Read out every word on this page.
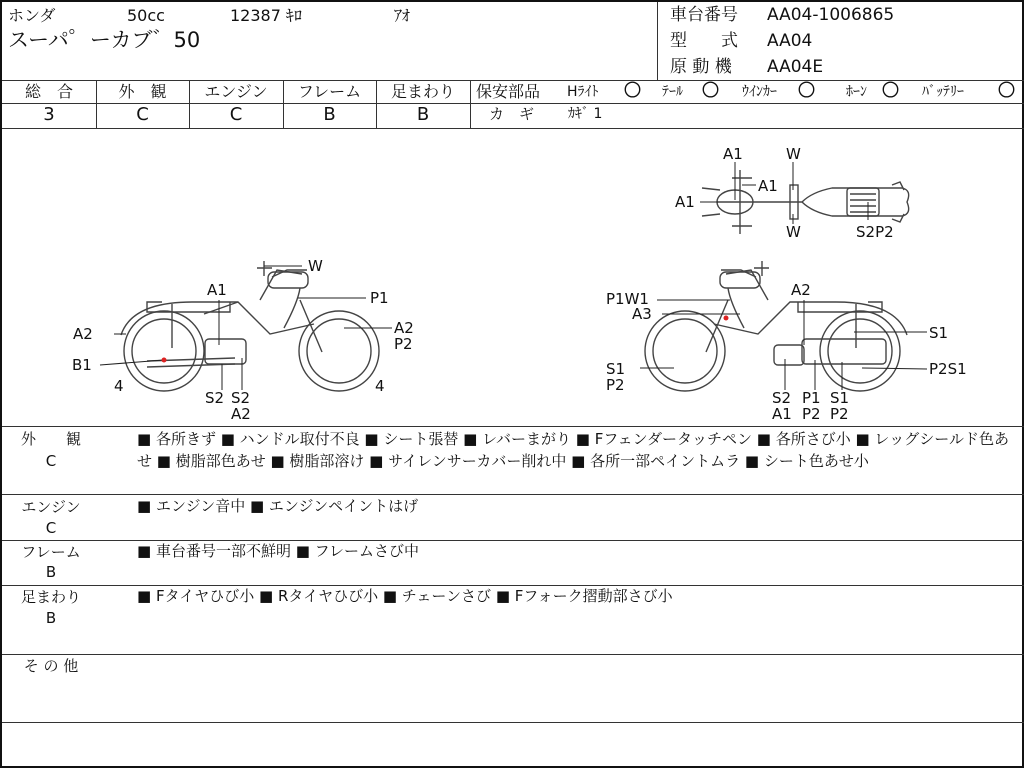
ホンダ	50cc	12387 ｷﾛ	ｱｵ
スーパ゜ーカブ゛50
車台番号 AA04-1006865
型　　式 AA04
原 動 機 AA04E
総　合	外　観	エンジン	フレーム	足まわり
3	C	C	B	B
保安部品 Hﾗｲﾄ 〇 ﾃｰﾙ 〇 ｳｲﾝｶｰ 〇 ﾎｰﾝ 〇 ﾊﾞｯﾃﾘｰ 〇
カ　ギ ｶｷﾞ 1
A1	W
A1
A1
W	S2P2
W
A1	P1
A2	A2
P2
B1
4
S2 S2
A2
4
P1W1
A3
A2
S1
S1
P2
P2S1
S2
A1
P1
P2
S1
P2
外　　観
C
■ 各所きず ■ ハンドル取付不良 ■ シート張替 ■ レバーまがり ■ Fフェンダータッチペン ■ 各所さび小 ■ レッグシールド色あせ ■ 樹脂部色あせ ■ 樹脂部溶け ■ サイレンサーカバー削れ中 ■ 各所一部ペイントムラ ■ シート色あせ小
エンジン
C
■ エンジン音中 ■ エンジンペイントはげ
フレーム
B
■ 車台番号一部不鮮明 ■ フレームさび中
足まわり
B
■ Fタイヤひび小 ■ Rタイヤひび小 ■ チェーンさび ■ Fフォーク摺動部さび小
そ の 他
